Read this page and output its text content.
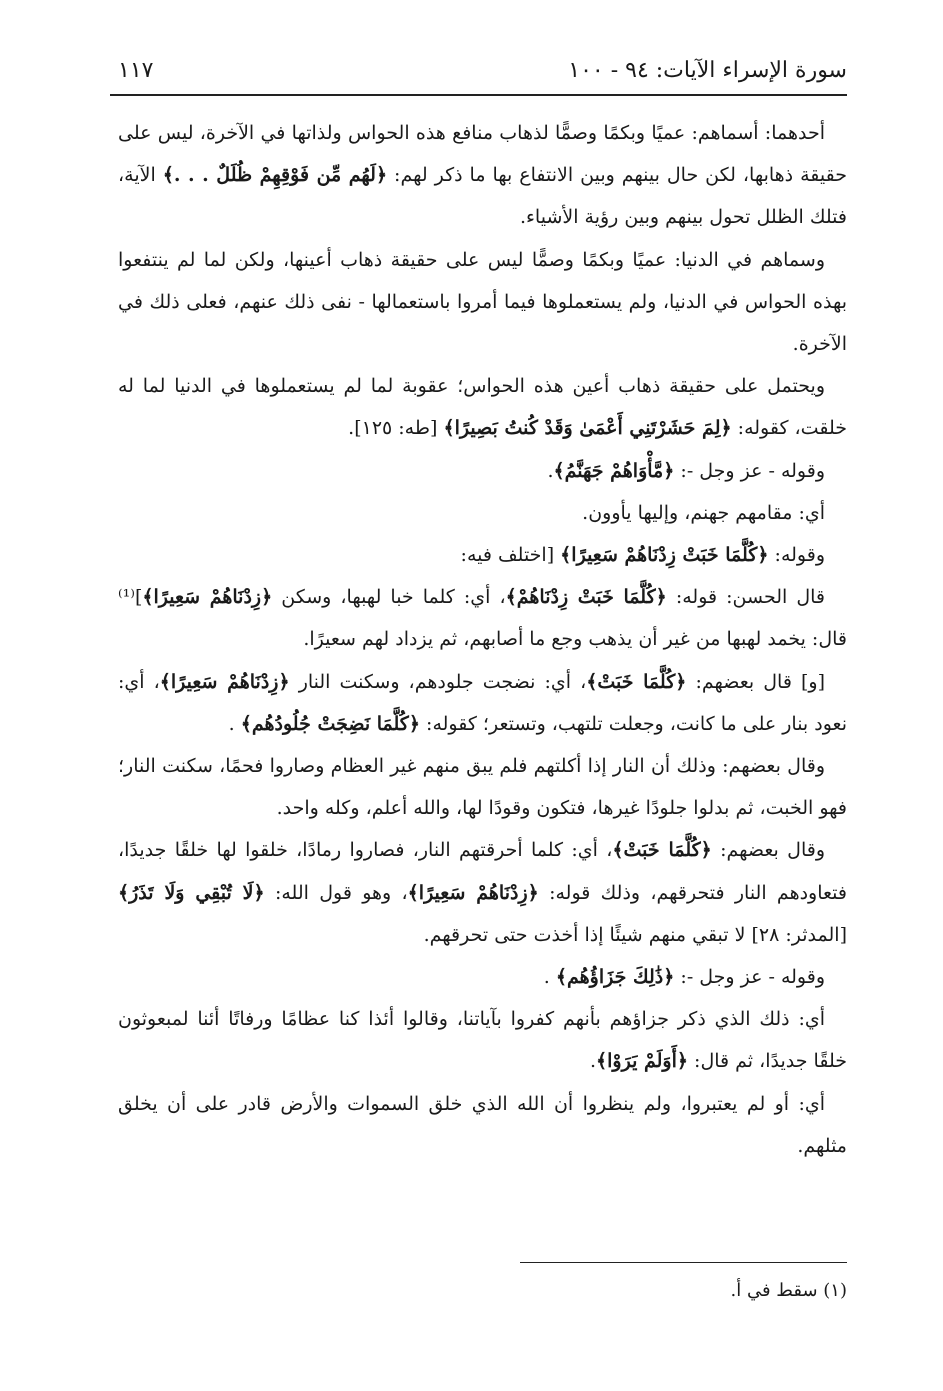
سورة الإسراء الآيات: ٩٤ - ١٠٠
١١٧

أحدهما: أسماهم: عميًا وبكمًا وصمًّا لذهاب منافع هذه الحواس ولذاتها في الآخرة، ليس على حقيقة ذهابها، لكن حال بينهم وبين الانتفاع بها ما ذكر لهم: ﴿لَهُم مِّن فَوْقِهِمْ ظُلَلٌ . . .﴾ الآية، فتلك الظلل تحول بينهم وبين رؤية الأشياء.

وسماهم في الدنيا: عميًا وبكمًا وصمًّا ليس على حقيقة ذهاب أعينها، ولكن لما لم ينتفعوا بهذه الحواس في الدنيا، ولم يستعملوها فيما أمروا باستعمالها - نفى ذلك عنهم، فعلى ذلك في الآخرة.

ويحتمل على حقيقة ذهاب أعين هذه الحواس؛ عقوبة لما لم يستعملوها في الدنيا لما له خلقت، كقوله: ﴿لِمَ حَشَرْتَنِي أَعْمَىٰ وَقَدْ كُنتُ بَصِيرًا﴾ [طه: ١٢٥].

وقوله - عز وجل -: ﴿مَّأْوَاهُمْ جَهَنَّمُ﴾.

أي: مقامهم جهنم، وإليها يأوون.

وقوله: ﴿كُلَّمَا خَبَتْ زِدْنَاهُمْ سَعِيرًا﴾ [اختلف فيه:

قال الحسن: قوله: ﴿كُلَّمَا خَبَتْ زِدْنَاهُمْ﴾، أي: كلما خبا لهبها، وسكن ﴿زِدْنَاهُمْ سَعِيرًا﴾]⁽¹⁾ قال: يخمد لهبها من غير أن يذهب وجع ما أصابهم، ثم يزداد لهم سعيرًا.

[و] قال بعضهم: ﴿كُلَّمَا خَبَتْ﴾، أي: نضجت جلودهم، وسكنت النار ﴿زِدْنَاهُمْ سَعِيرًا﴾، أي: نعود بنار على ما كانت، وجعلت تلتهب، وتستعر؛ كقوله: ﴿كُلَّمَا نَضِجَتْ جُلُودُهُم﴾ .

وقال بعضهم: وذلك أن النار إذا أكلتهم فلم يبق منهم غير العظام وصاروا فحمًا، سكنت النار؛ فهو الخبت، ثم بدلوا جلودًا غيرها، فتكون وقودًا لها، والله أعلم، وكله واحد.

وقال بعضهم: ﴿كُلَّمَا خَبَتْ﴾، أي: كلما أحرقتهم النار، فصاروا رمادًا، خلقوا لها خلقًا جديدًا، فتعاودهم النار فتحرقهم، وذلك قوله: ﴿زِدْنَاهُمْ سَعِيرًا﴾، وهو قول الله: ﴿لَا تُبْقِي وَلَا تَذَرُ﴾ [المدثر: ٢٨] لا تبقي منهم شيئًا إذا أخذت حتى تحرقهم.

وقوله - عز وجل -: ﴿ذَٰلِكَ جَزَاؤُهُم﴾ .

أي: ذلك الذي ذكر جزاؤهم بأنهم كفروا بآياتنا، وقالوا أئذا كنا عظامًا ورفاتًا أئنا لمبعوثون خلقًا جديدًا، ثم قال: ﴿أَوَلَمْ يَرَوْا﴾.

أي: أو لم يعتبروا، ولم ينظروا أن الله الذي خلق السموات والأرض قادر على أن يخلق مثلهم.

(١) سقط في أ.
